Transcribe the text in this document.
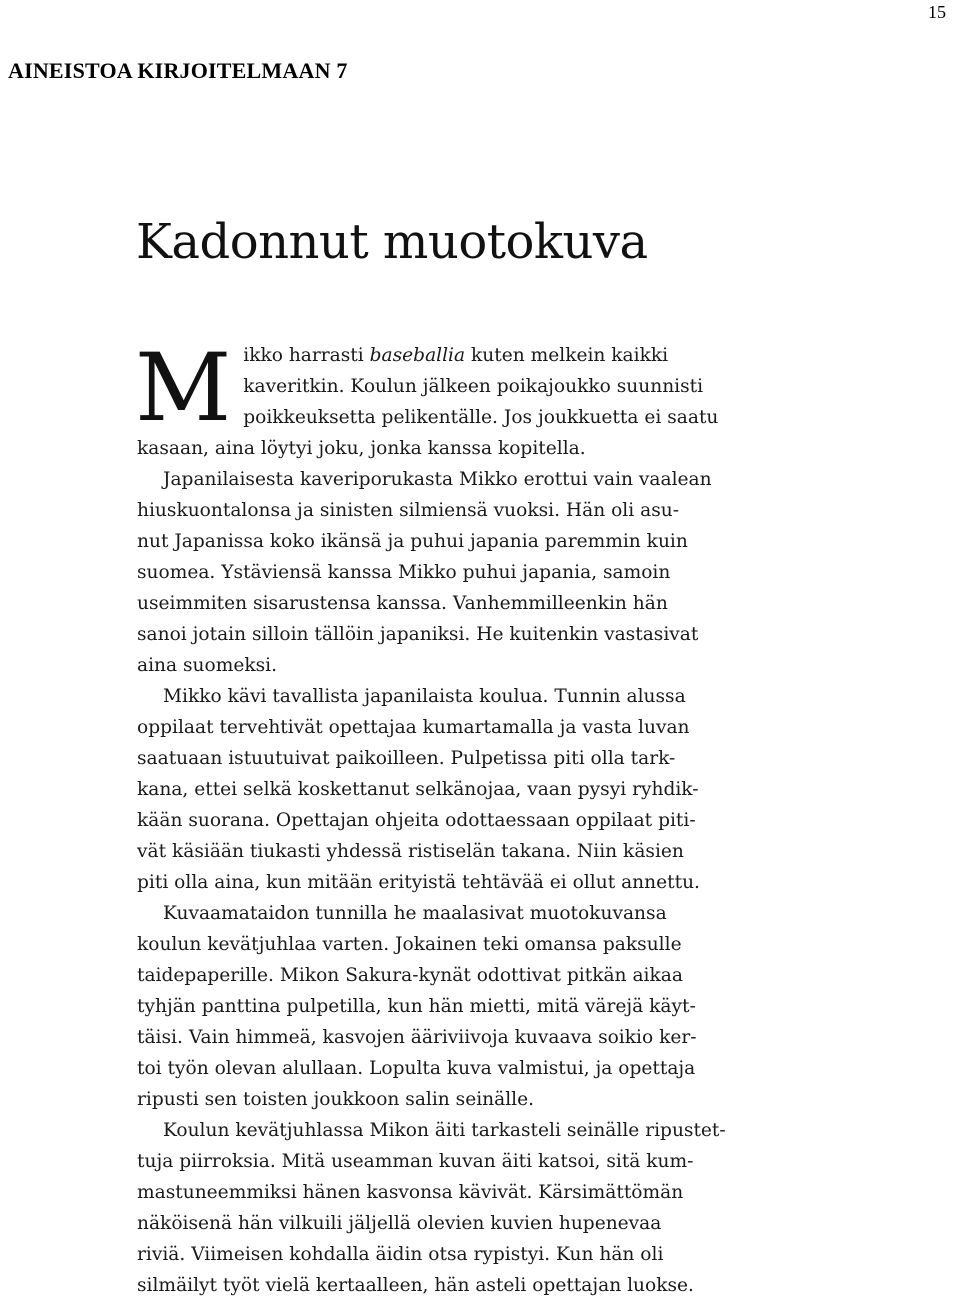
15
AINEISTOA KIRJOITELMAAN 7
Kadonnut muotokuva
M ikko harrasti baseballia kuten melkein kaikki
kaveritkin. Koulun jälkeen poikajoukko suunnisti
poikkeuksetta pelikentälle. Jos joukkuetta ei saatu
kasaan, aina löytyi joku, jonka kanssa kopitella.
Japanilaisesta kaveriporukasta Mikko erottui vain vaalean
hiuskuontalonsa ja sinisten silmiensä vuoksi. Hän oli asu-
nut Japanissa koko ikänsä ja puhui japania paremmin kuin
suomea. Ystäviensä kanssa Mikko puhui japania, samoin
useimmiten sisarustensa kanssa. Vanhemmilleenkin hän
sanoi jotain silloin tällöin japaniksi. He kuitenkin vastasivat
aina suomeksi.
Mikko kävi tavallista japanilaista koulua. Tunnin alussa
oppilaat tervehtivät opettajaa kumartamalla ja vasta luvan
saatuaan istuutuivat paikoilleen. Pulpetissa piti olla tark-
kana, ettei selkä koskettanut selkänojaa, vaan pysyi ryhdik-
kään suorana. Opettajan ohjeita odottaessaan oppilaat piti-
vät käsiään tiukasti yhdessä ristiselän takana. Niin käsien
piti olla aina, kun mitään erityistä tehtävää ei ollut annettu.
Kuvaamataidon tunnilla he maalasivat muotokuvansa
koulun kevätjuhlaa varten. Jokainen teki omansa paksulle
taidepaperille. Mikon Sakura-kynät odottivat pitkän aikaa
tyhjän panttina pulpetilla, kun hän mietti, mitä värejä käyt-
täisi. Vain himmeä, kasvojen ääriviivoja kuvaava soikio ker-
toi työn olevan alullaan. Lopulta kuva valmistui, ja opettaja
ripusti sen toisten joukkoon salin seinälle.
Koulun kevätjuhlassa Mikon äiti tarkasteli seinälle ripustet-
tuja piirroksia. Mitä useamman kuvan äiti katsoi, sitä kum-
mastuneemmiksi hänen kasvonsa kävivät. Kärsimättömän
näköisenä hän vilkuili jäljellä olevien kuvien hupenevaa
riviä. Viimeisen kohdalla äidin otsa rypistyi. Kun hän oli
silmäilyt työt vielä kertaalleen, hän asteli opettajan luokse.
